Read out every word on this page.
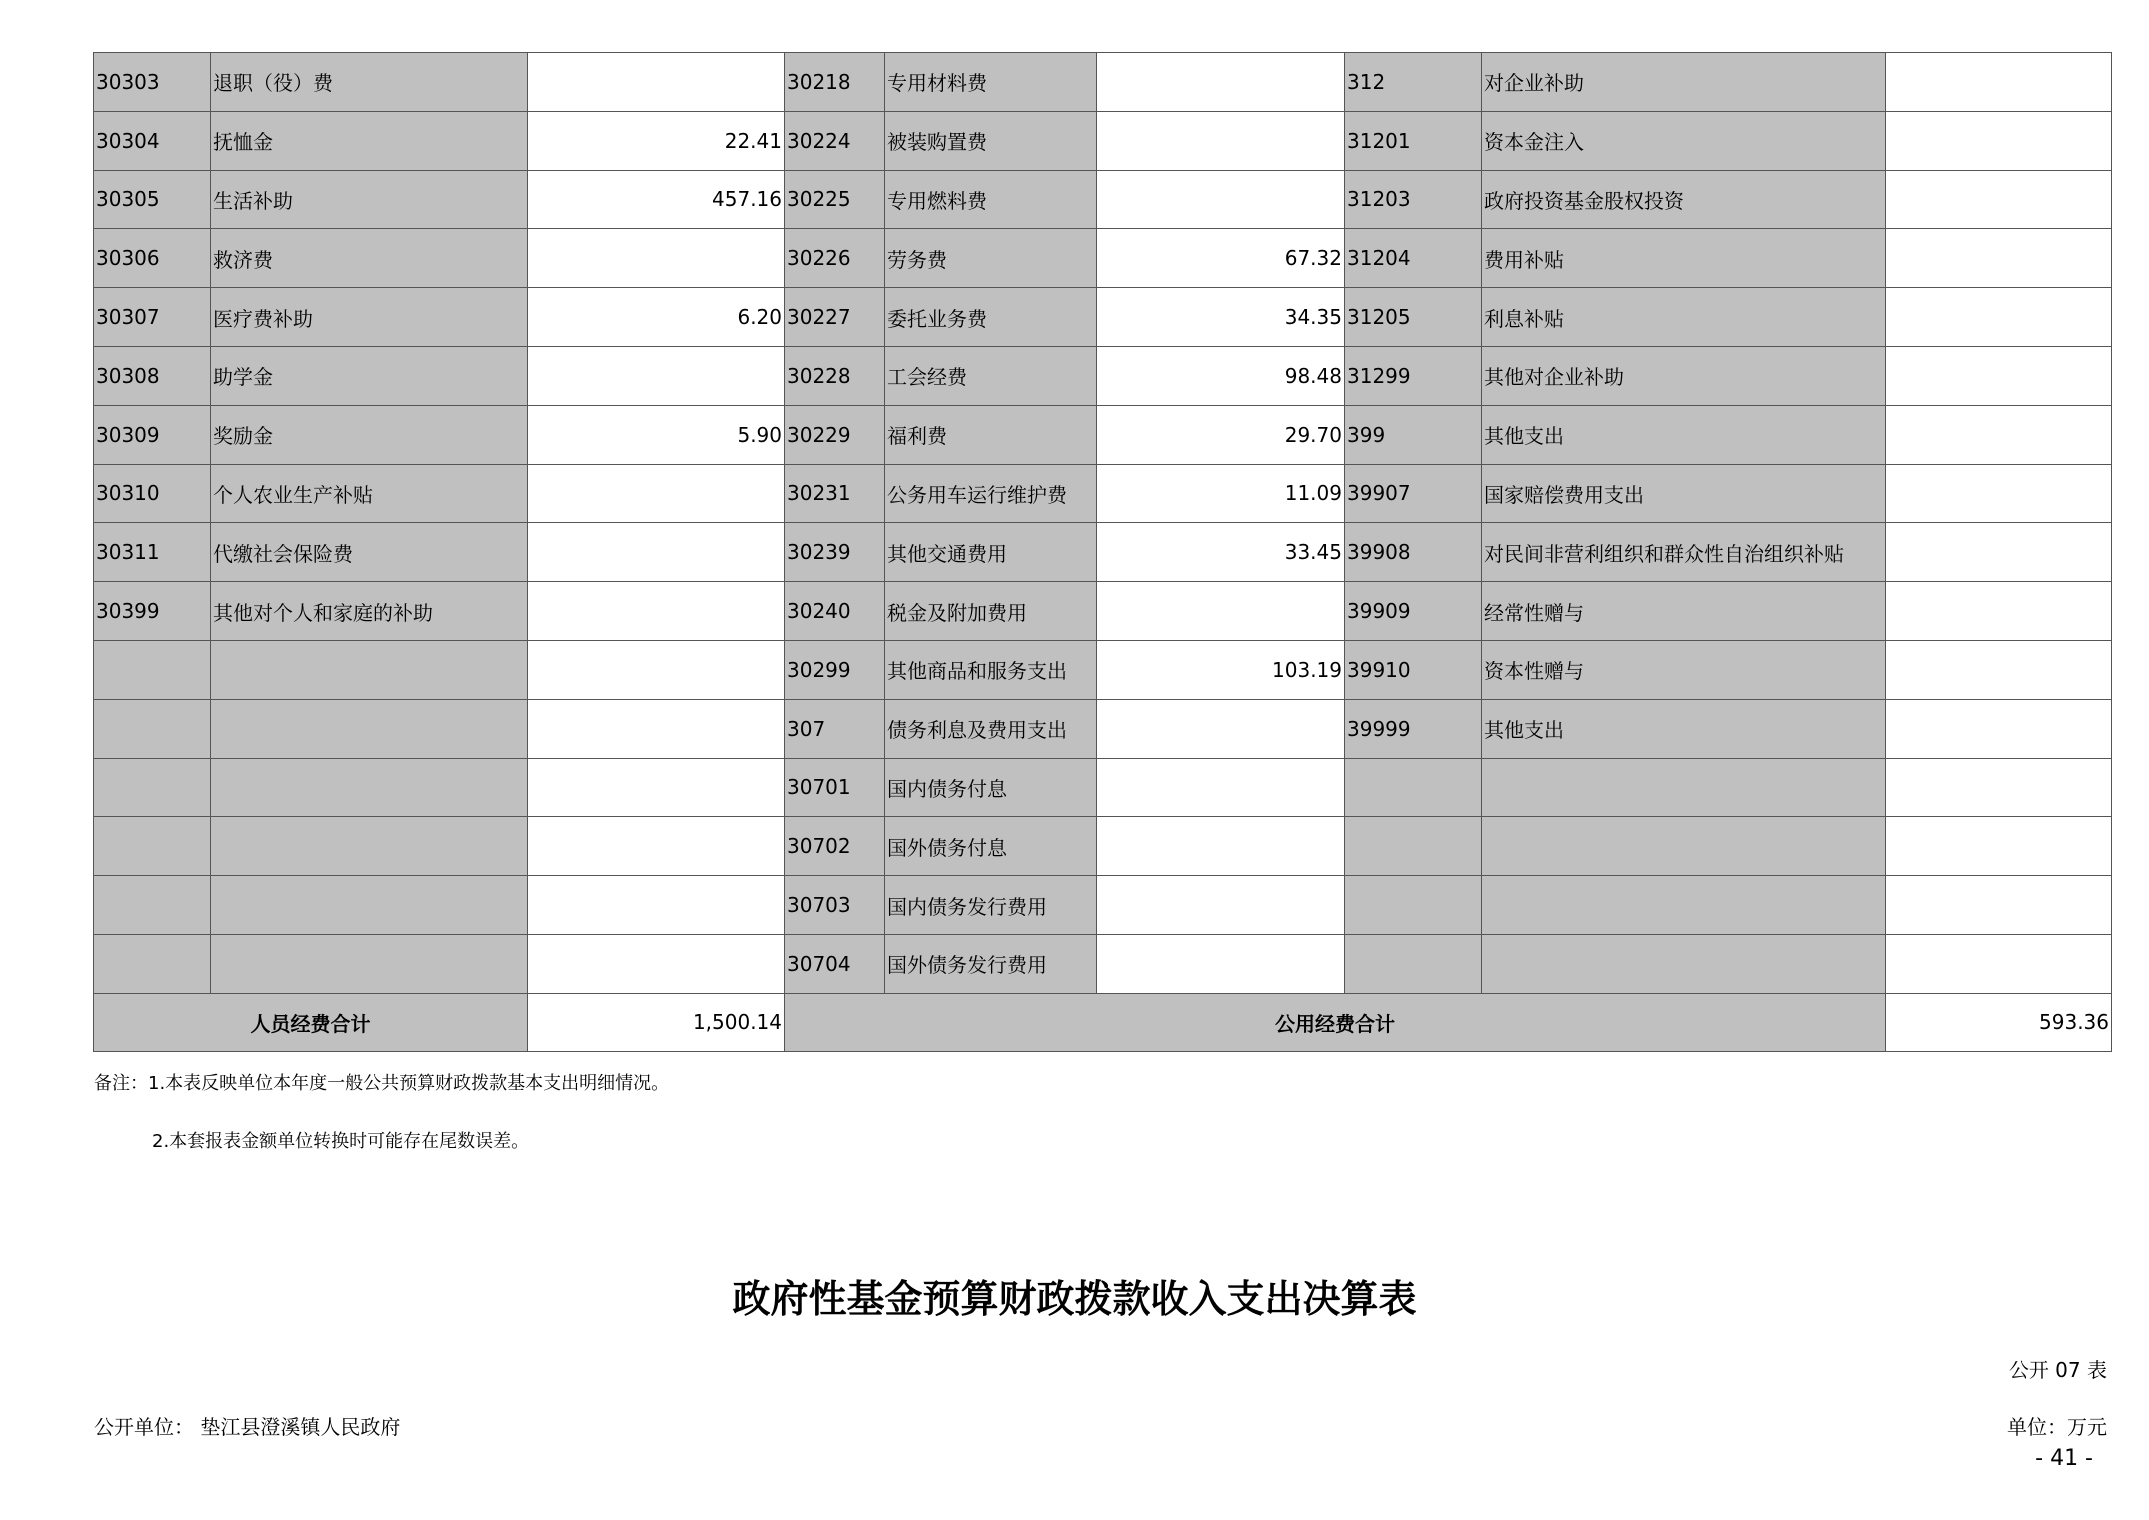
30303	退职（役）费		30218	专用材料费		312	对企业补助	
30304	抚恤金	22.41	30224	被装购置费		31201	资本金注入	
30305	生活补助	457.16	30225	专用燃料费		31203	政府投资基金股权投资	
30306	救济费		30226	劳务费	67.32	31204	费用补贴	
30307	医疗费补助	6.20	30227	委托业务费	34.35	31205	利息补贴	
30308	助学金		30228	工会经费	98.48	31299	其他对企业补助	
30309	奖励金	5.90	30229	福利费	29.70	399	其他支出	
30310	个人农业生产补贴		30231	公务用车运行维护费	11.09	39907	国家赔偿费用支出	
30311	代缴社会保险费		30239	其他交通费用	33.45	39908	对民间非营利组织和群众性自治组织补贴	
30399	其他对个人和家庭的补助		30240	税金及附加费用		39909	经常性赠与	
			30299	其他商品和服务支出	103.19	39910	资本性赠与	
			307	债务利息及费用支出		39999	其他支出	
			30701	国内债务付息				
			30702	国外债务付息				
			30703	国内债务发行费用				
			30704	国外债务发行费用				
人员经费合计		1,500.14	公用经费合计					593.36
备注：1.本表反映单位本年度一般公共预算财政拨款基本支出明细情况。
2.本套报表金额单位转换时可能存在尾数误差。
政府性基金预算财政拨款收入支出决算表
公开 07 表
公开单位： 垫江县澄溪镇人民政府	单位：万元
- 41 -
